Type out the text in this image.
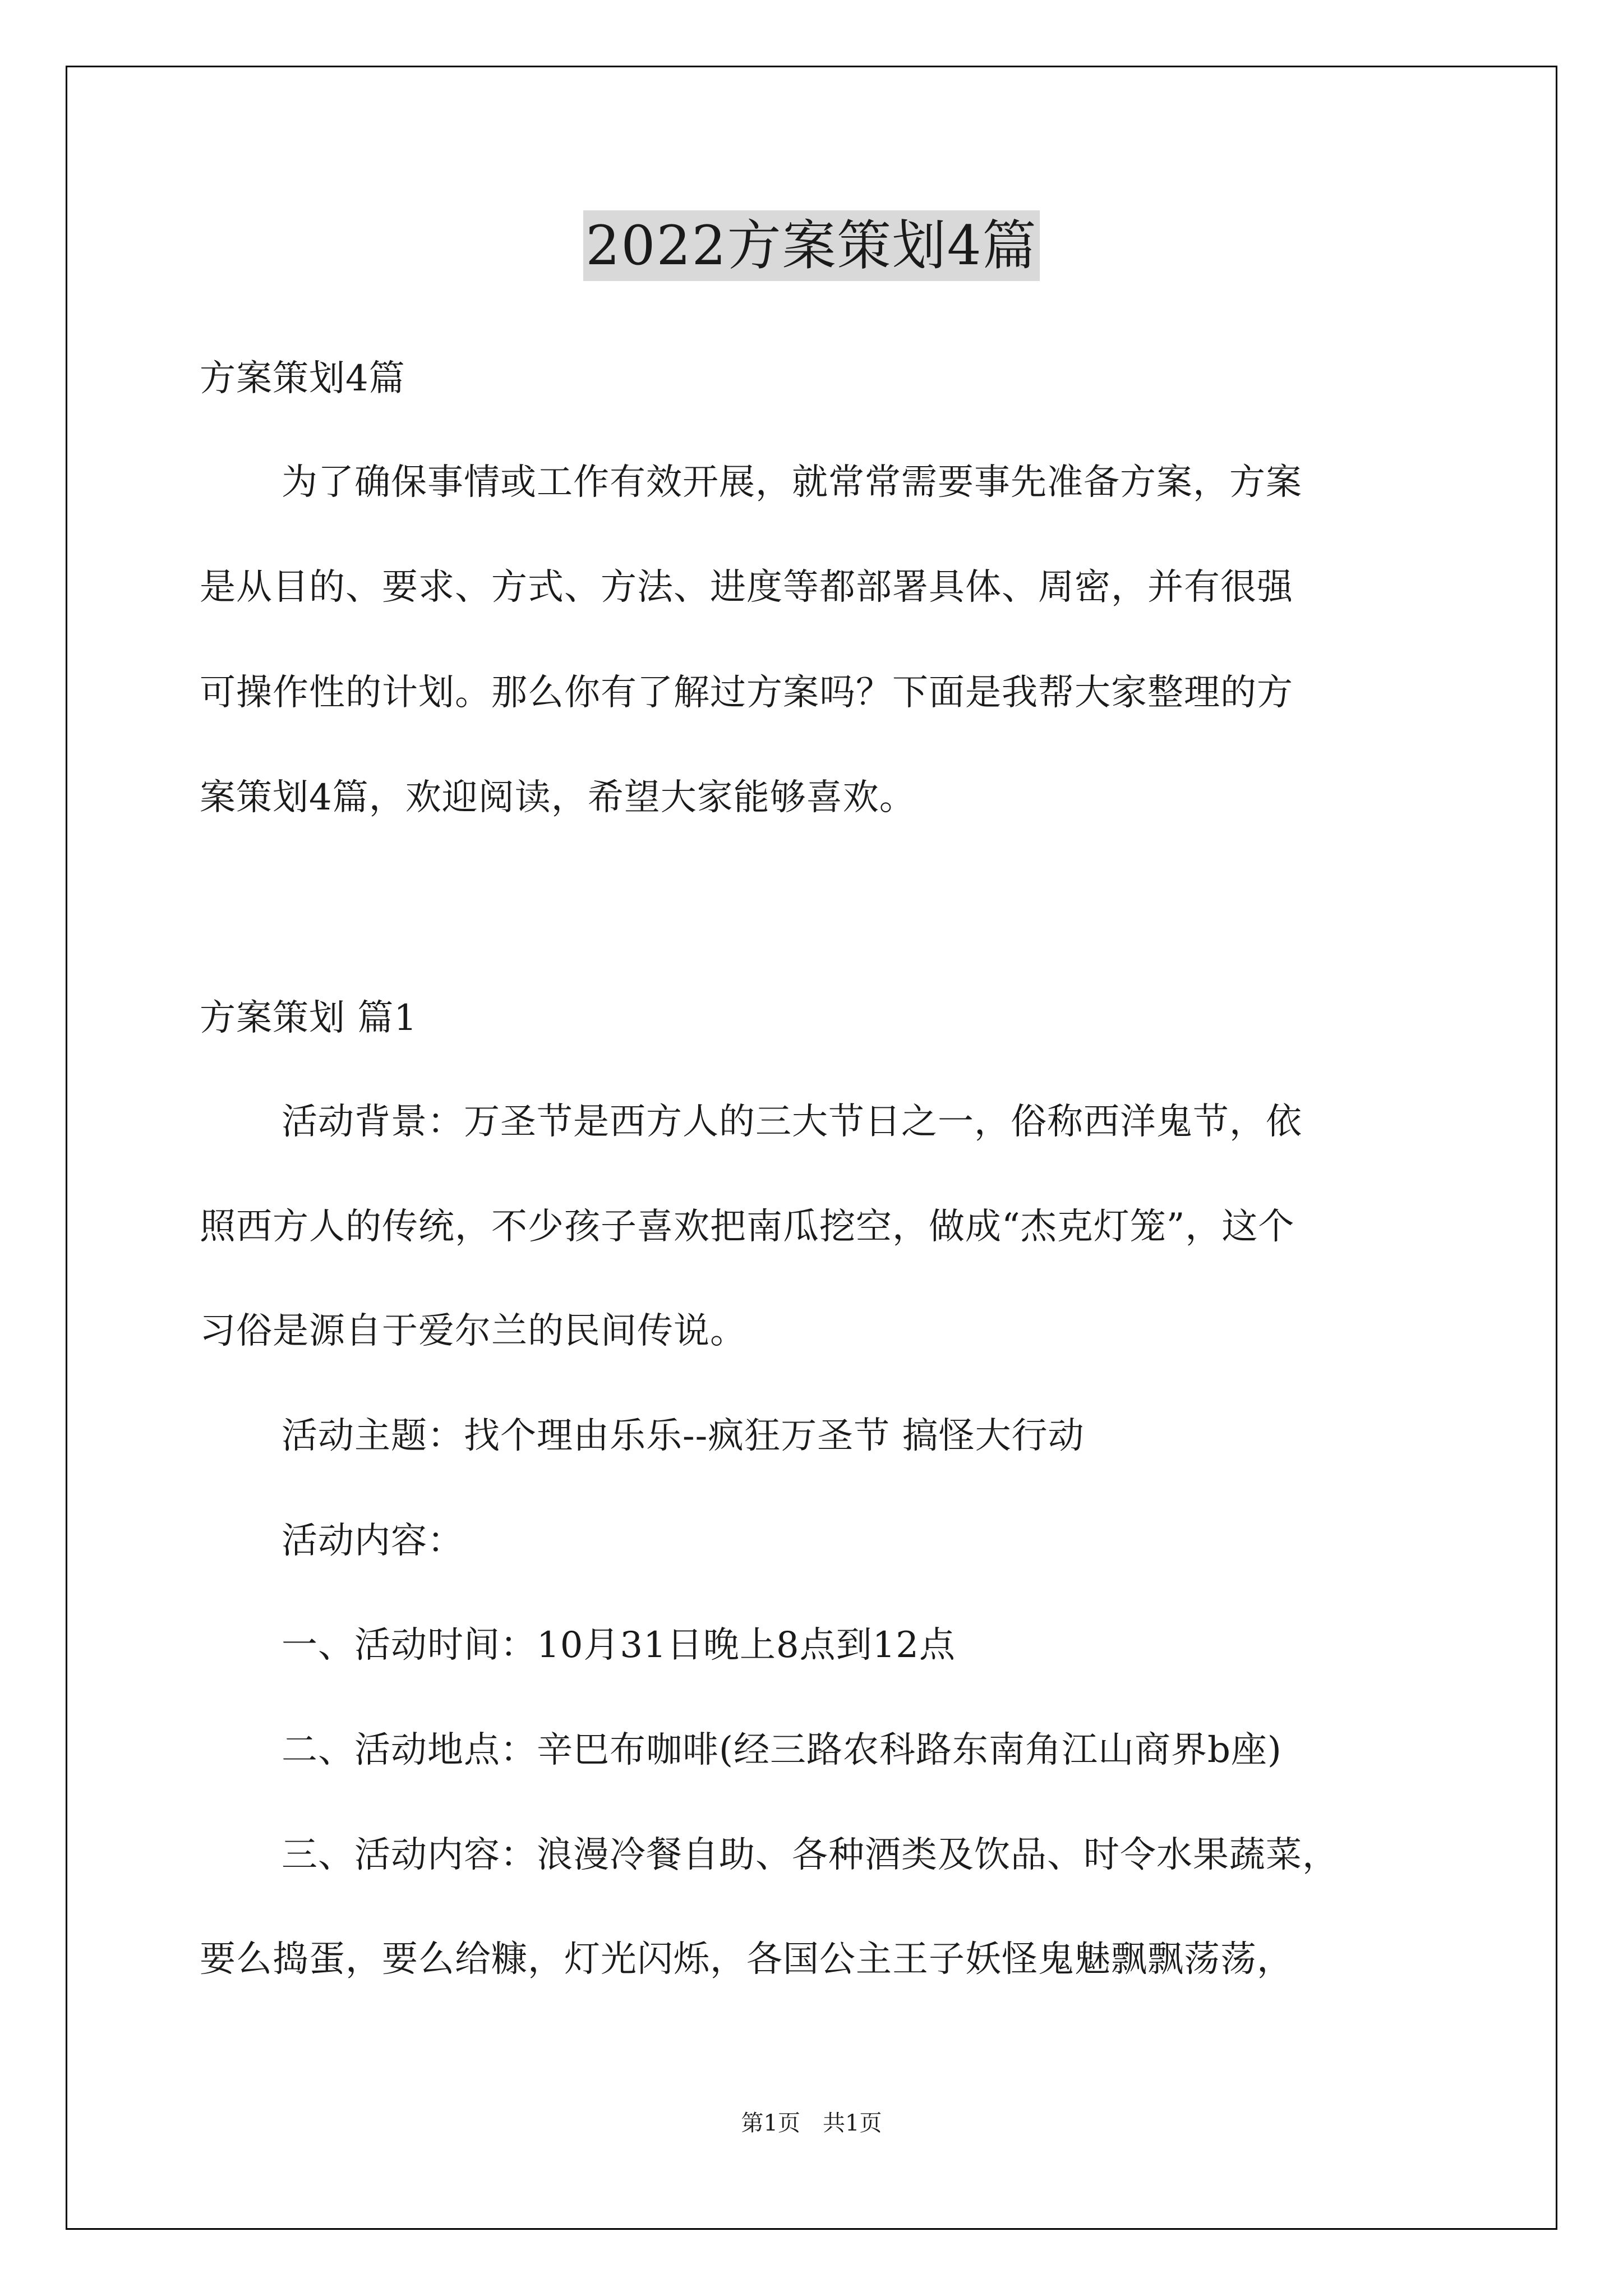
2022方案策划4篇
方案策划4篇
为了确保事情或工作有效开展，就常常需要事先准备方案，方案
是从目的、要求、方式、方法、进度等都部署具体、周密，并有很强
可操作性的计划。那么你有了解过方案吗？下面是我帮大家整理的方
案策划4篇，欢迎阅读，希望大家能够喜欢。
方案策划 篇1
活动背景：万圣节是西方人的三大节日之一，俗称西洋鬼节，依
照西方人的传统，不少孩子喜欢把南瓜挖空，做成“杰克灯笼”，这个
习俗是源自于爱尔兰的民间传说。
活动主题：找个理由乐乐--疯狂万圣节 搞怪大行动
活动内容：
一、活动时间：10月31日晚上8点到12点
二、活动地点：辛巴布咖啡(经三路农科路东南角江山商界b座)
三、活动内容：浪漫冷餐自助、各种酒类及饮品、时令水果蔬菜，
要么捣蛋，要么给糠，灯光闪烁，各国公主王子妖怪鬼魅飘飘荡荡，
第1页　共1页
